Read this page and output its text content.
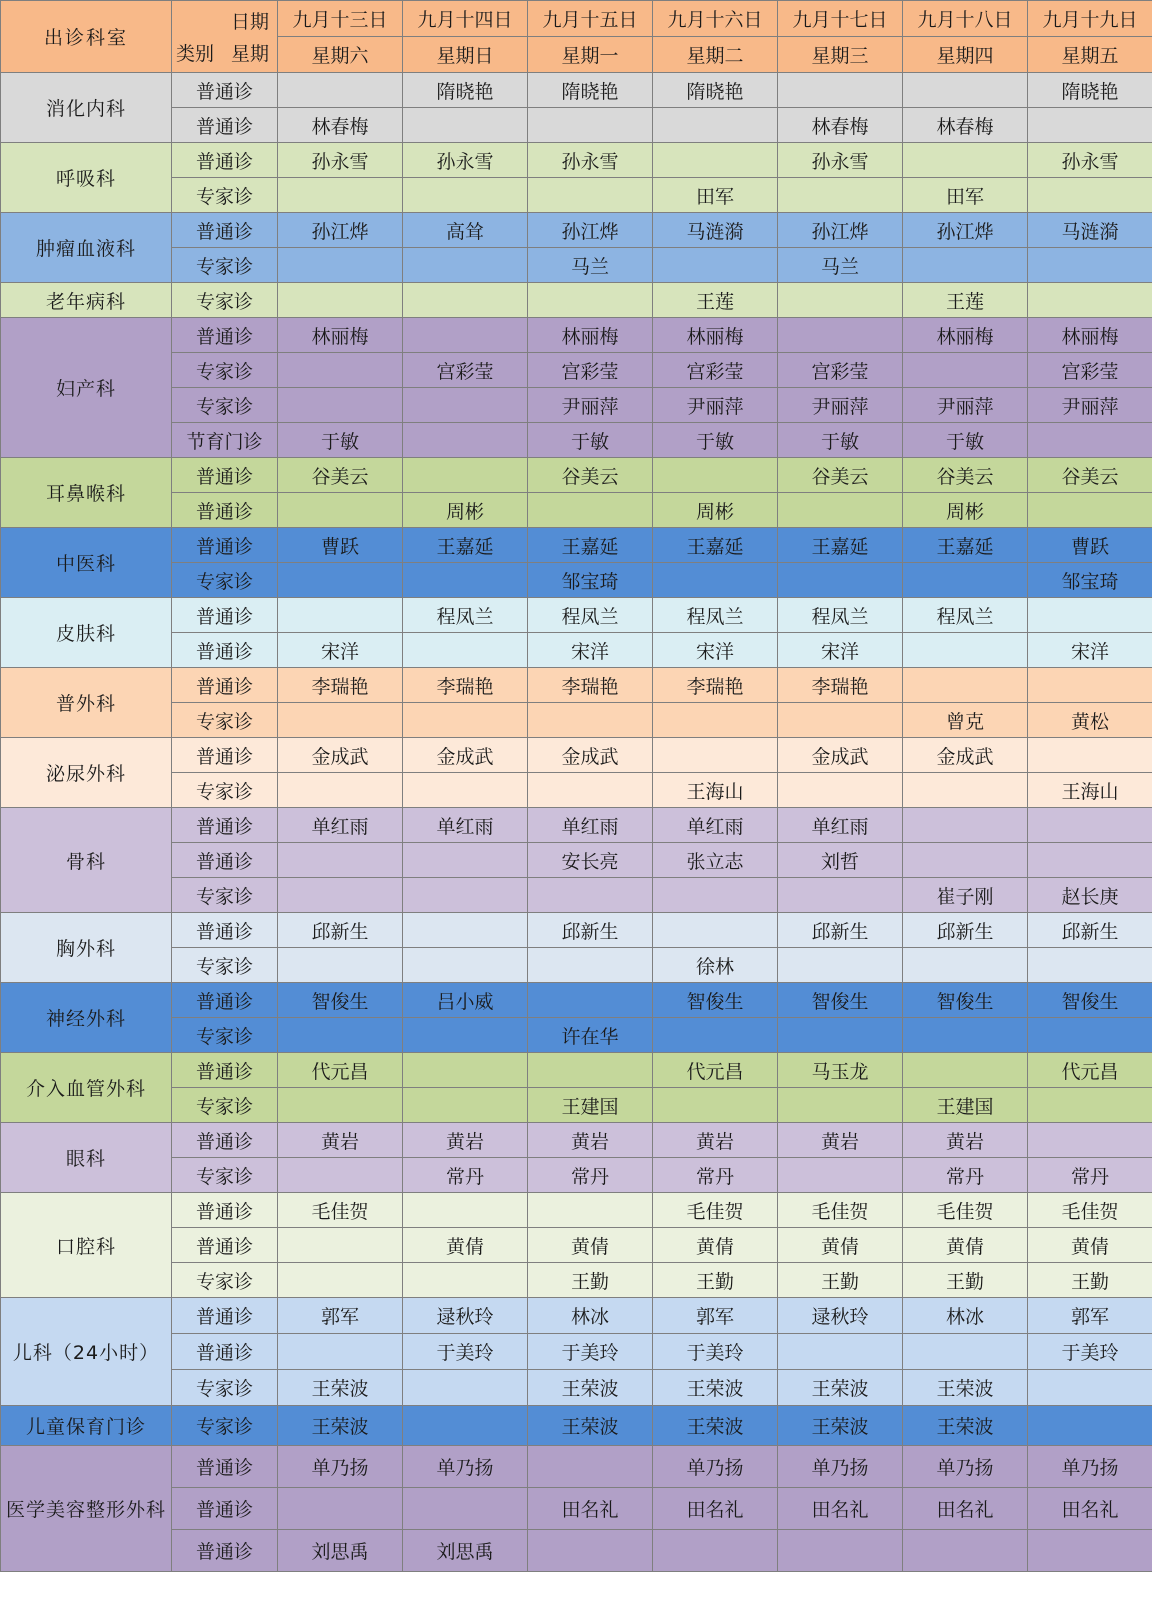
出诊科室	日期
类别 星期	九月十三日	九月十四日	九月十五日	九月十六日	九月十七日	九月十八日	九月十九日
		星期六	星期日	星期一	星期二	星期三	星期四	星期五
消化内科	普通诊		隋晓艳	隋晓艳	隋晓艳			隋晓艳
	普通诊	林春梅				林春梅	林春梅	
呼吸科	普通诊	孙永雪	孙永雪	孙永雪		孙永雪		孙永雪
	专家诊				田军		田军	
肿瘤血液科	普通诊	孙江烨	高耸	孙江烨	马涟漪	孙江烨	孙江烨	马涟漪
	专家诊			马兰		马兰		
老年病科	专家诊				王莲		王莲	
妇产科	普通诊	林丽梅		林丽梅	林丽梅		林丽梅	林丽梅
	专家诊		宫彩莹	宫彩莹	宫彩莹	宫彩莹		宫彩莹
	专家诊			尹丽萍	尹丽萍	尹丽萍	尹丽萍	尹丽萍
	节育门诊	于敏		于敏	于敏	于敏	于敏	
耳鼻喉科	普通诊	谷美云		谷美云		谷美云	谷美云	谷美云
	普通诊		周彬		周彬		周彬	
中医科	普通诊	曹跃	王嘉延	王嘉延	王嘉延	王嘉延	王嘉延	曹跃
	专家诊			邹宝琦				邹宝琦
皮肤科	普通诊		程凤兰	程凤兰	程凤兰	程凤兰	程凤兰	
	普通诊	宋洋		宋洋	宋洋	宋洋		宋洋
普外科	普通诊	李瑞艳	李瑞艳	李瑞艳	李瑞艳	李瑞艳		
	专家诊						曾克	黄松
泌尿外科	普通诊	金成武	金成武	金成武		金成武	金成武	
	专家诊				王海山			王海山
骨科	普通诊	单红雨	单红雨	单红雨	单红雨	单红雨		
	普通诊			安长亮	张立志	刘哲		
	专家诊						崔子刚	赵长庚
胸外科	普通诊	邱新生		邱新生		邱新生	邱新生	邱新生
	专家诊				徐林			
神经外科	普通诊	智俊生	吕小威		智俊生	智俊生	智俊生	智俊生
	专家诊			许在华				
介入血管外科	普通诊	代元昌			代元昌	马玉龙		代元昌
	专家诊			王建国			王建国	
眼科	普通诊	黄岩	黄岩	黄岩	黄岩	黄岩	黄岩	
	专家诊		常丹	常丹	常丹		常丹	常丹
口腔科	普通诊	毛佳贺			毛佳贺	毛佳贺	毛佳贺	毛佳贺
	普通诊		黄倩	黄倩	黄倩	黄倩	黄倩	黄倩
	专家诊			王勤	王勤	王勤	王勤	王勤
儿科（24小时）	普通诊	郭军	逯秋玲	林冰	郭军	逯秋玲	林冰	郭军
	普通诊		于美玲	于美玲	于美玲			于美玲
	专家诊	王荣波		王荣波	王荣波	王荣波	王荣波	
儿童保育门诊	专家诊	王荣波		王荣波	王荣波	王荣波	王荣波	
医学美容整形外科	普通诊	单乃扬	单乃扬		单乃扬	单乃扬	单乃扬	单乃扬
	普通诊			田名礼	田名礼	田名礼	田名礼	田名礼
	普通诊	刘思禹	刘思禹					
